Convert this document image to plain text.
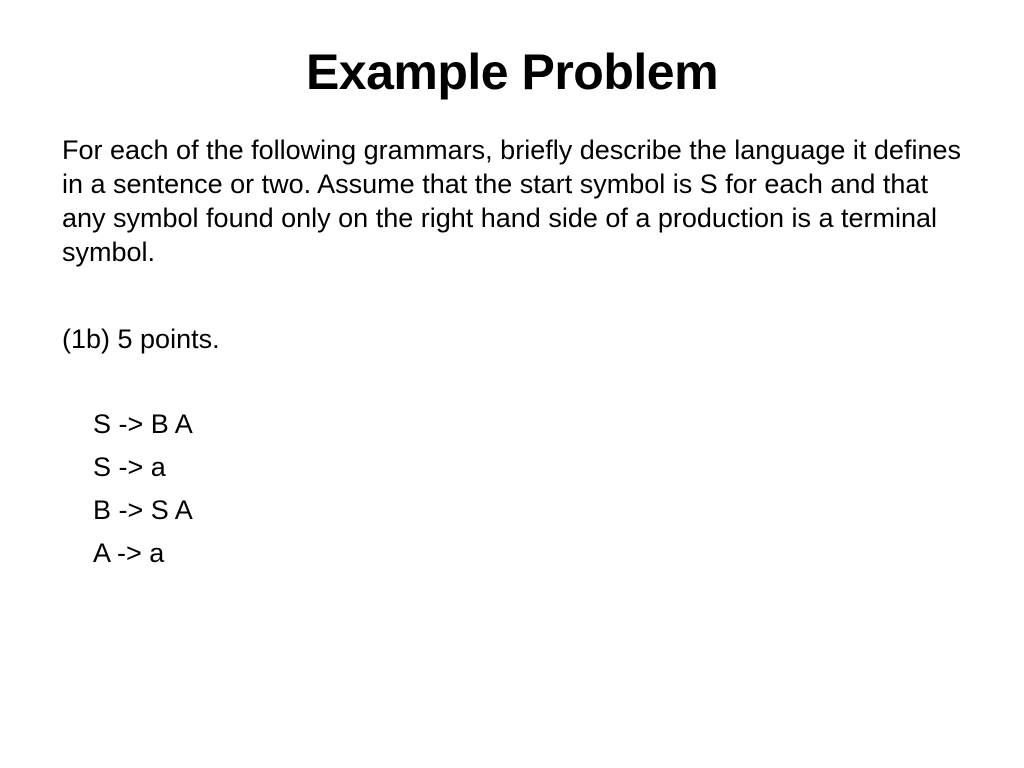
Example Problem
For each of the following grammars, briefly describe the language it defines in a sentence or two. Assume that the start symbol is S for each and that any symbol found only on the right hand side of a production is a terminal symbol.
(1b) 5 points.
S -> B A
S -> a
B -> S A
A -> a
